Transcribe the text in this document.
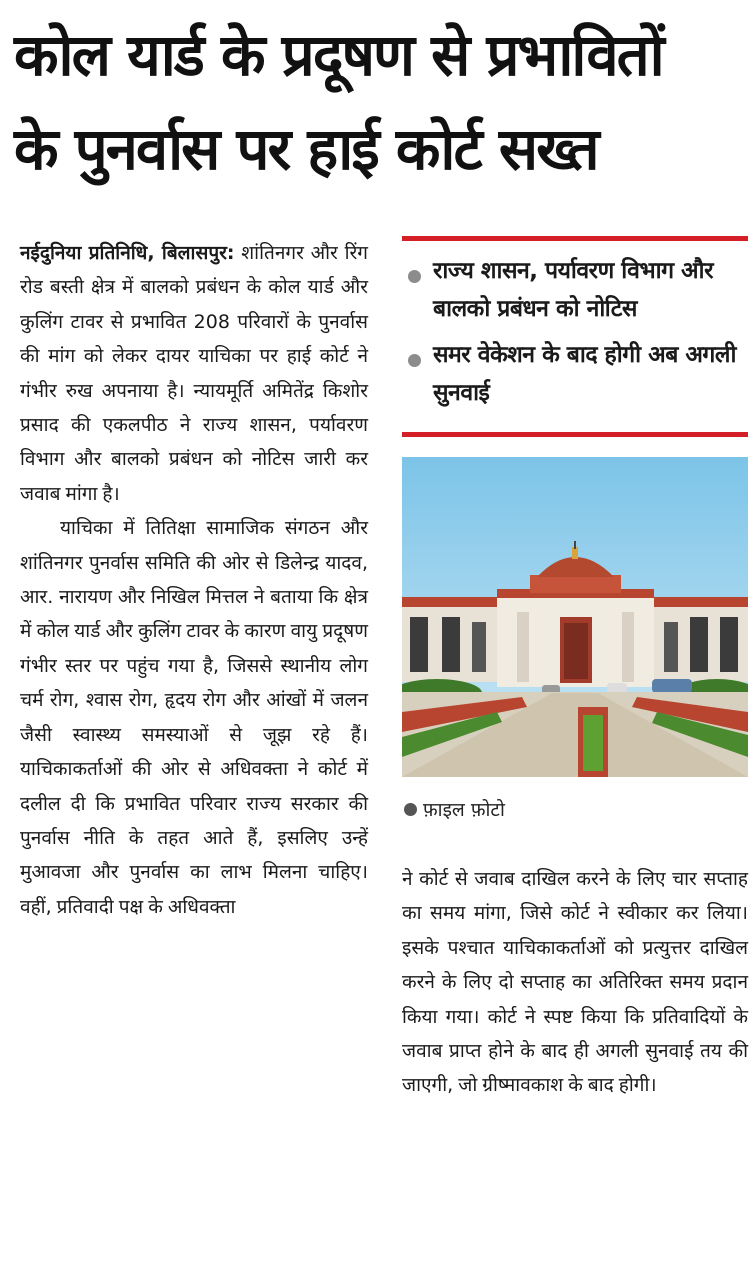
कोल यार्ड के प्रदूषण से प्रभावितों
के पुनर्वास पर हाई कोर्ट सख्त

नईदुनिया प्रतिनिधि, बिलासपुर: शांतिनगर और रिंग रोड बस्ती क्षेत्र में बालको प्रबंधन के कोल यार्ड और कुलिंग टावर से प्रभावित 208 परिवारों के पुनर्वास की मांग को लेकर दायर याचिका पर हाई कोर्ट ने गंभीर रुख अपनाया है। न्यायमूर्ति अमितेंद्र किशोर प्रसाद की एकलपीठ ने राज्य शासन, पर्यावरण विभाग और बालको प्रबंधन को नोटिस जारी कर जवाब मांगा है।

याचिका में तितिक्षा सामाजिक संगठन और शांतिनगर पुनर्वास समिति की ओर से डिलेन्द्र यादव, आर. नारायण और निखिल मित्तल ने बताया कि क्षेत्र में कोल यार्ड और कुलिंग टावर के कारण वायु प्रदूषण गंभीर स्तर पर पहुंच गया है, जिससे स्थानीय लोग चर्म रोग, श्वास रोग, हृदय रोग और आंखों में जलन जैसी स्वास्थ्य समस्याओं से जूझ रहे हैं। याचिकाकर्ताओं की ओर से अधिवक्ता ने कोर्ट में दलील दी कि प्रभावित परिवार राज्य सरकार की पुनर्वास नीति के तहत आते हैं, इसलिए उन्हें मुआवजा और पुनर्वास का लाभ मिलना चाहिए। वहीं, प्रतिवादी पक्ष के अधिवक्ता

राज्य शासन, पर्यावरण विभाग और बालको प्रबंधन को नोटिस
समर वेकेशन के बाद होगी अब अगली सुनवाई
फ़ाइल फ़ोटो

ने कोर्ट से जवाब दाखिल करने के लिए चार सप्ताह का समय मांगा, जिसे कोर्ट ने स्वीकार कर लिया। इसके पश्चात याचिकाकर्ताओं को प्रत्युत्तर दाखिल करने के लिए दो सप्ताह का अतिरिक्त समय प्रदान किया गया। कोर्ट ने स्पष्ट किया कि प्रतिवादियों के जवाब प्राप्त होने के बाद ही अगली सुनवाई तय की जाएगी, जो ग्रीष्मावकाश के बाद होगी।
